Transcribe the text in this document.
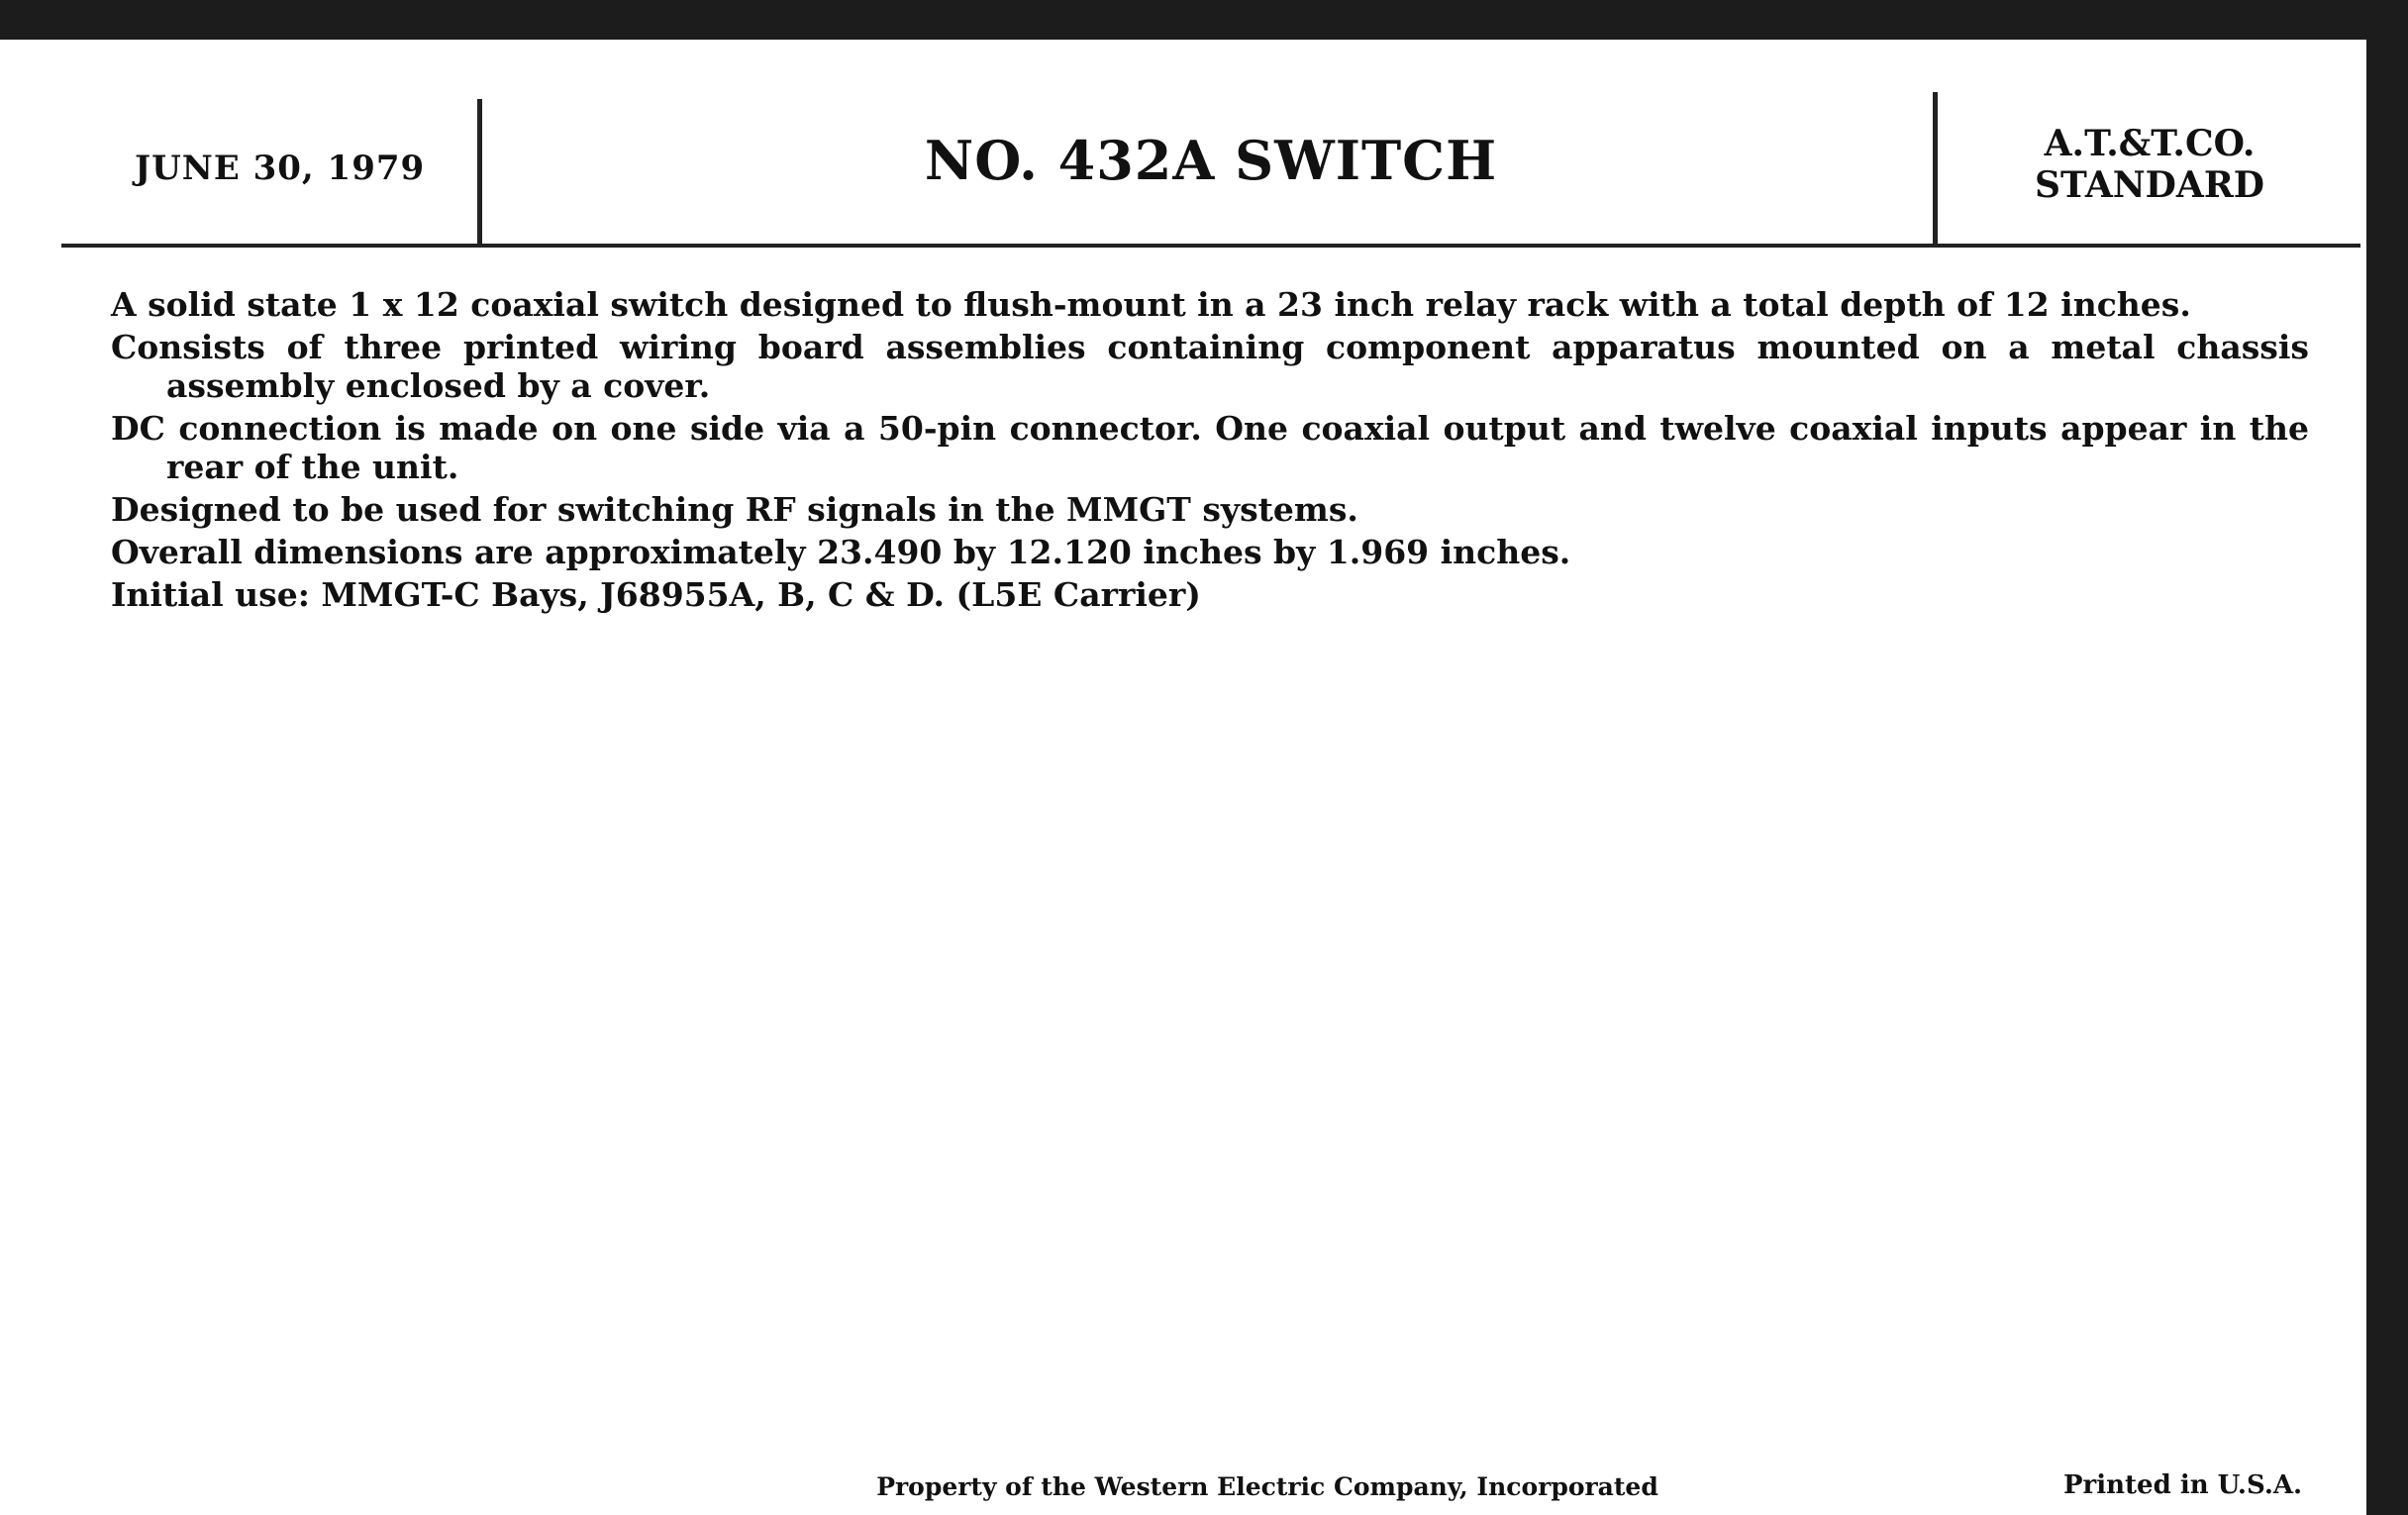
JUNE 30, 1979	NO. 432A SWITCH	A.T.&T.CO.
STANDARD

A solid state 1 x 12 coaxial switch designed to flush-mount in a 23 inch relay rack with a total depth of 12 inches.

Consists of three printed wiring board assemblies containing component apparatus mounted on a metal chassis assembly enclosed by a cover.

DC connection is made on one side via a 50-pin connector. One coaxial output and twelve coaxial inputs appear in the rear of the unit.

Designed to be used for switching RF signals in the MMGT systems.

Overall dimensions are approximately 23.490 by 12.120 inches by 1.969 inches.

Initial use: MMGT-C Bays, J68955A, B, C & D. (L5E Carrier)

Property of the Western Electric Company, Incorporated	Printed in U.S.A.
